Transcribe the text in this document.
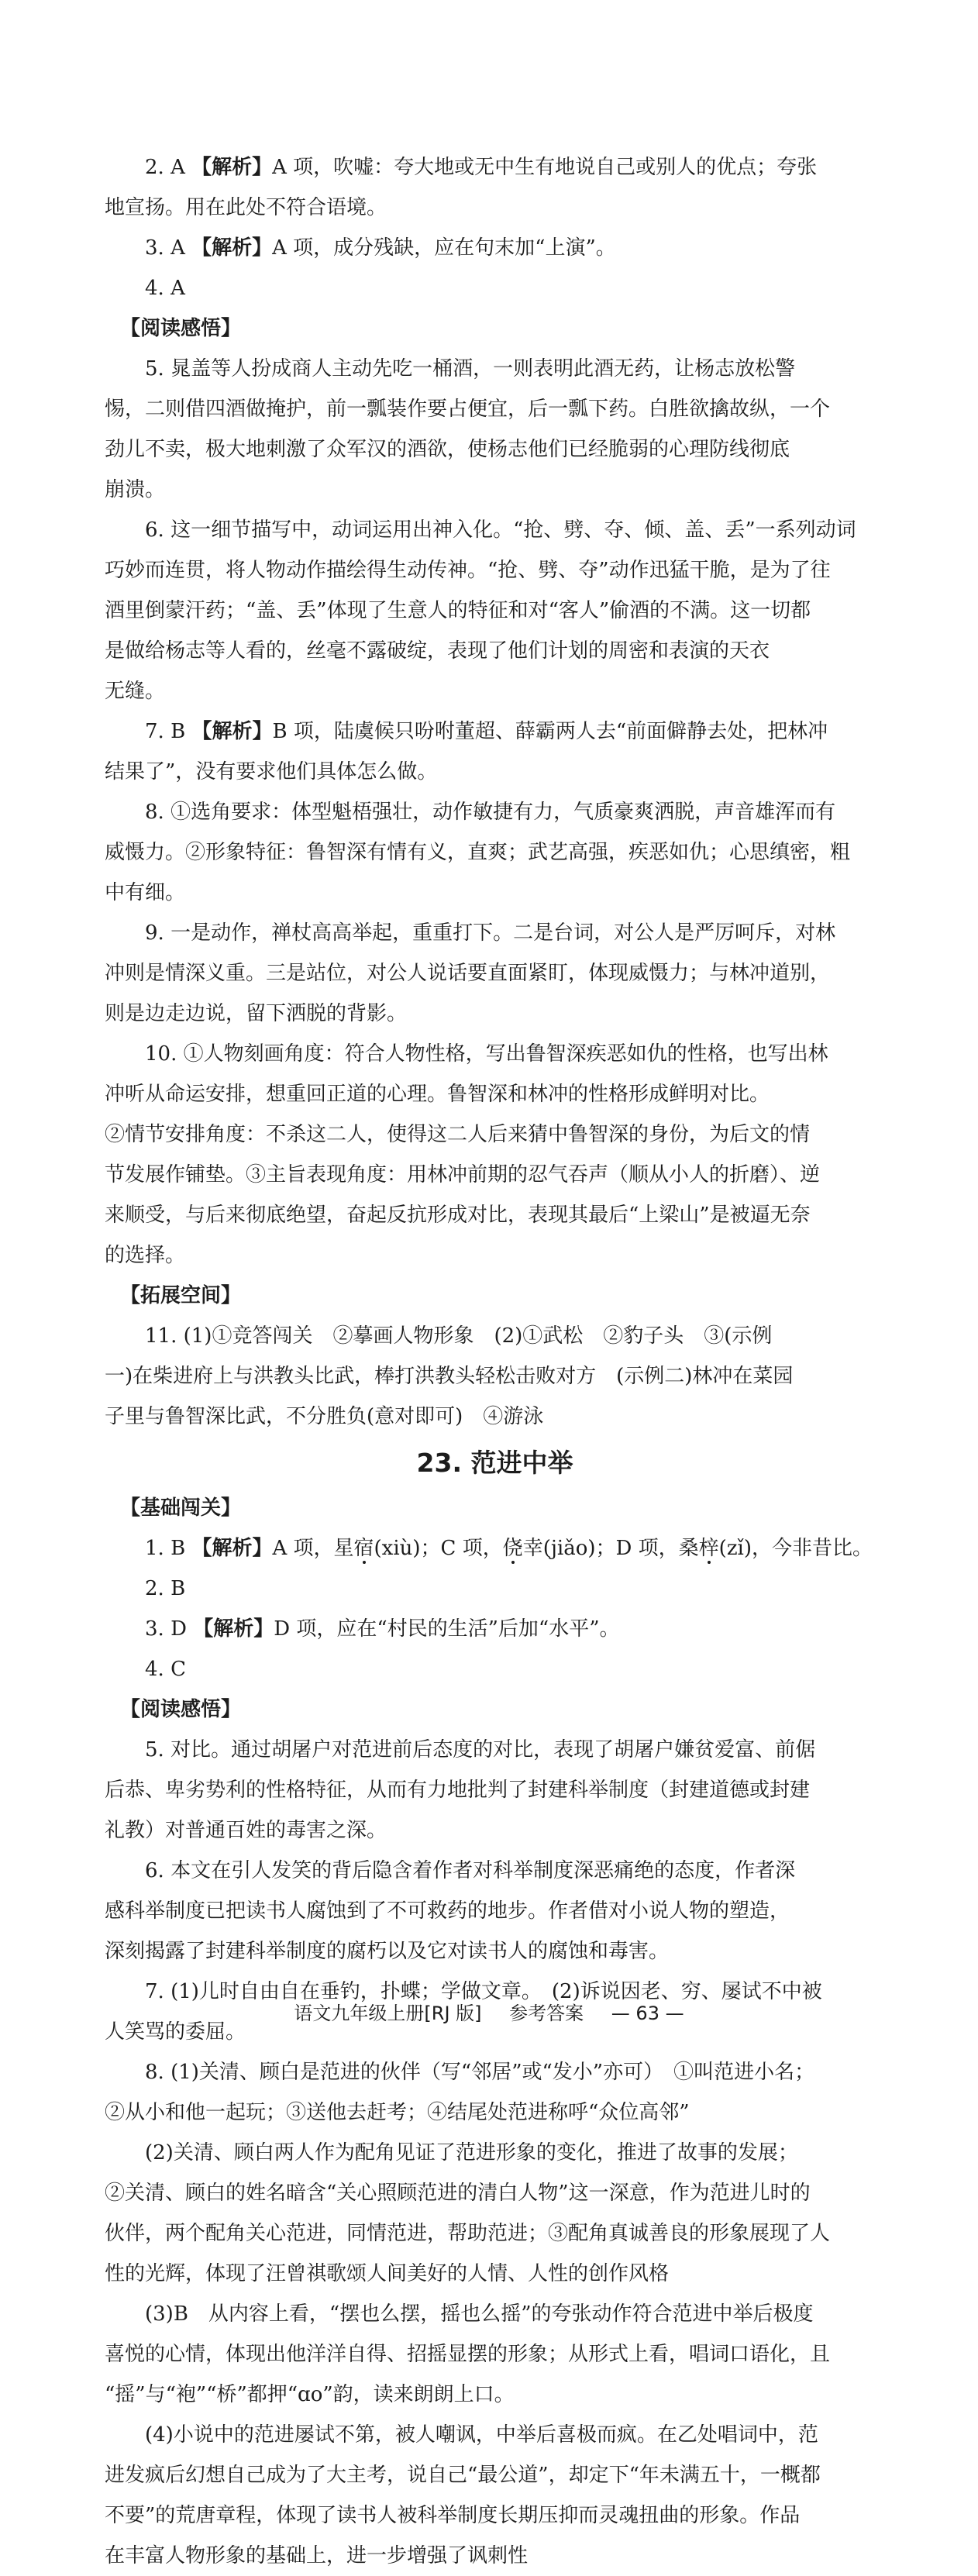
2. A 【解析】A 项，吹嘘：夸大地或无中生有地说自己或别人的优点；夸张
地宣扬。用在此处不符合语境。
3. A 【解析】A 项，成分残缺，应在句末加“上演”。
4. A
【阅读感悟】
5. 晁盖等人扮成商人主动先吃一桶酒，一则表明此酒无药，让杨志放松警
惕，二则借四酒做掩护，前一瓢装作要占便宜，后一瓢下药。白胜欲擒故纵，一个
劲儿不卖，极大地刺激了众军汉的酒欲，使杨志他们已经脆弱的心理防线彻底
崩溃。
6. 这一细节描写中，动词运用出神入化。“抢、劈、夺、倾、盖、丢”一系列动词
巧妙而连贯，将人物动作描绘得生动传神。“抢、劈、夺”动作迅猛干脆，是为了往
酒里倒蒙汗药；“盖、丢”体现了生意人的特征和对“客人”偷酒的不满。这一切都
是做给杨志等人看的，丝毫不露破绽，表现了他们计划的周密和表演的天衣
无缝。
7. B 【解析】B 项，陆虞候只吩咐董超、薛霸两人去“前面僻静去处，把林冲
结果了”，没有要求他们具体怎么做。
8. ①选角要求：体型魁梧强壮，动作敏捷有力，气质豪爽洒脱，声音雄浑而有
威慑力。②形象特征：鲁智深有情有义，直爽；武艺高强，疾恶如仇；心思缜密，粗
中有细。
9. 一是动作，禅杖高高举起，重重打下。二是台词，对公人是严厉呵斥，对林
冲则是情深义重。三是站位，对公人说话要直面紧盯，体现威慑力；与林冲道别，
则是边走边说，留下洒脱的背影。
10. ①人物刻画角度：符合人物性格，写出鲁智深疾恶如仇的性格，也写出林
冲听从命运安排，想重回正道的心理。鲁智深和林冲的性格形成鲜明对比。
②情节安排角度：不杀这二人，使得这二人后来猜中鲁智深的身份，为后文的情
节发展作铺垫。③主旨表现角度：用林冲前期的忍气吞声（顺从小人的折磨）、逆
来顺受，与后来彻底绝望，奋起反抗形成对比，表现其最后“上梁山”是被逼无奈
的选择。
【拓展空间】
11. (1)①竞答闯关　②摹画人物形象　(2)①武松　②豹子头　③(示例
一)在柴进府上与洪教头比武，棒打洪教头轻松击败对方　(示例二)林冲在菜园
子里与鲁智深比武，不分胜负(意对即可)　④游泳
23. 范进中举
【基础闯关】
1. B 【解析】A 项，星宿(xiù)；C 项，侥幸(jiǎo)；D 项，桑梓(zǐ)，今非昔比。
2. B
3. D 【解析】D 项，应在“村民的生活”后加“水平”。
4. C
【阅读感悟】
5. 对比。通过胡屠户对范进前后态度的对比，表现了胡屠户嫌贫爱富、前倨
后恭、卑劣势利的性格特征，从而有力地批判了封建科举制度（封建道德或封建
礼教）对普通百姓的毒害之深。
6. 本文在引人发笑的背后隐含着作者对科举制度深恶痛绝的态度，作者深
感科举制度已把读书人腐蚀到了不可救药的地步。作者借对小说人物的塑造，
深刻揭露了封建科举制度的腐朽以及它对读书人的腐蚀和毒害。
7. (1)儿时自由自在垂钓，扑蝶；学做文章。　(2)诉说因老、穷、屡试不中被
人笑骂的委屈。
8. (1)关清、顾白是范进的伙伴（写“邻居”或“发小”亦可）　①叫范进小名；
②从小和他一起玩；③送他去赶考；④结尾处范进称呼“众位高邻”
(2)关清、顾白两人作为配角见证了范进形象的变化，推进了故事的发展；
②关清、顾白的姓名暗含“关心照顾范进的清白人物”这一深意，作为范进儿时的
伙伴，两个配角关心范进，同情范进，帮助范进；③配角真诚善良的形象展现了人
性的光辉，体现了汪曾祺歌颂人间美好的人情、人性的创作风格
(3)B　从内容上看，“摆也么摆，摇也么摇”的夸张动作符合范进中举后极度
喜悦的心情，体现出他洋洋自得、招摇显摆的形象；从形式上看，唱词口语化，且
“摇”与“袍”“桥”都押“ɑo”韵，读来朗朗上口。
(4)小说中的范进屡试不第，被人嘲讽，中举后喜极而疯。在乙处唱词中，范
进发疯后幻想自己成为了大主考，说自己“最公道”，却定下“年未满五十，一概都
不要”的荒唐章程，体现了读书人被科举制度长期压抑而灵魂扭曲的形象。作品
在丰富人物形象的基础上，进一步增强了讽刺性
语文九年级上册[RJ 版] 参考答案 — 63 —
